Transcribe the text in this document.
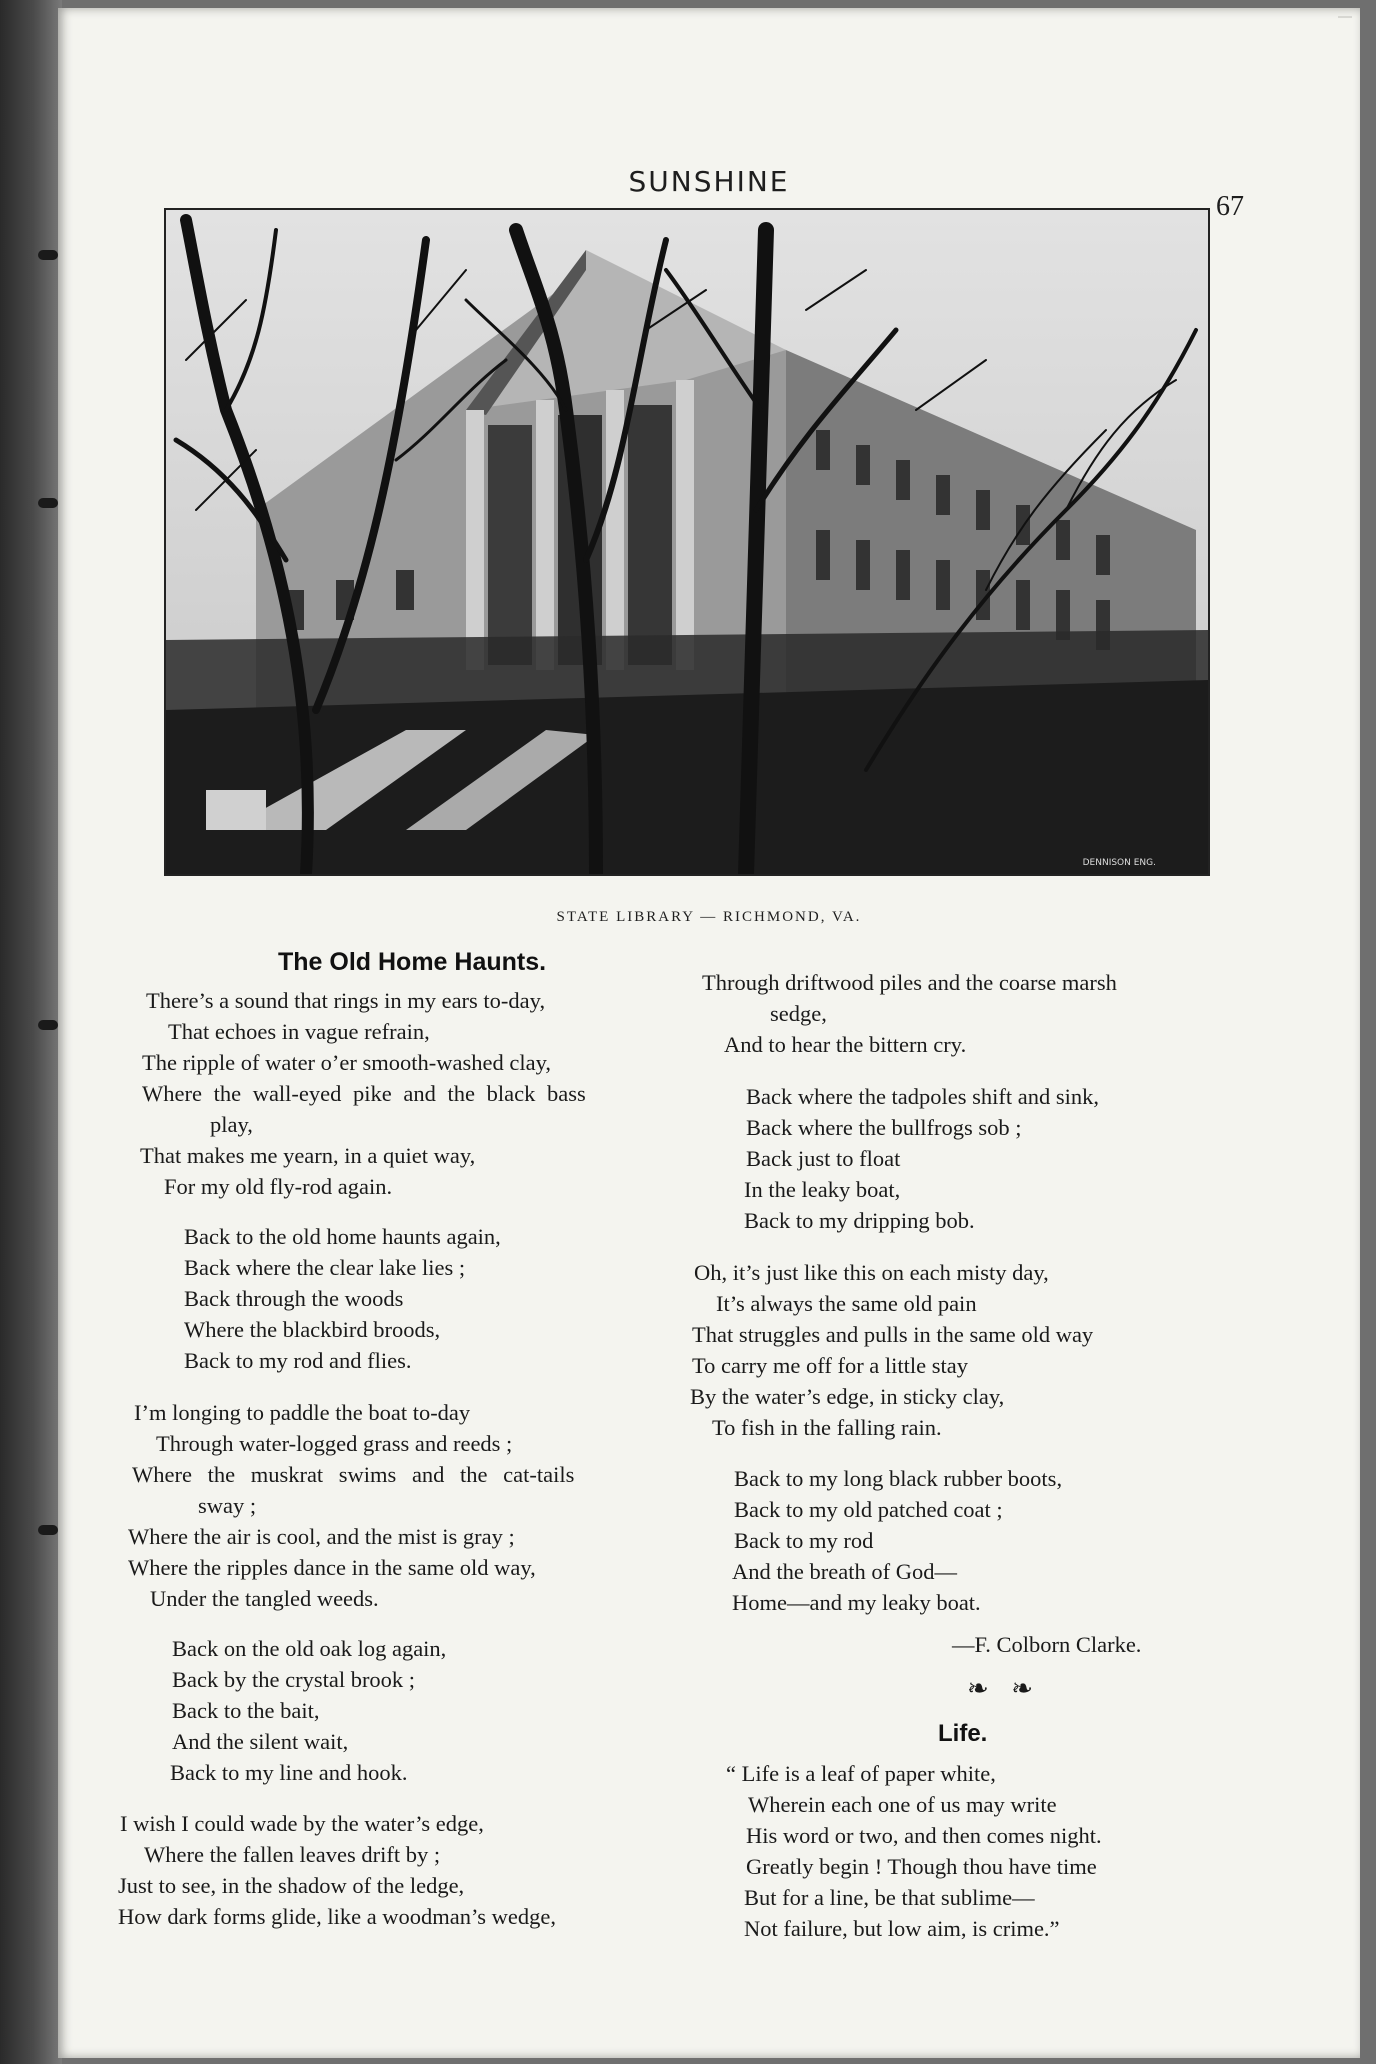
SUNSHINE
67
DENNISON ENG.
STATE LIBRARY — RICHMOND, VA.
The Old Home Haunts.
There’s a sound that rings in my ears to-day,
That echoes in vague refrain,
The ripple of water o’er smooth-washed clay,
Where the wall-eyed pike and the black bass
play,
That makes me yearn, in a quiet way,
For my old fly-rod again.
Back to the old home haunts again,
Back where the clear lake lies ;
Back through the woods
Where the blackbird broods,
Back to my rod and flies.
I’m longing to paddle the boat to-day
Through water-logged grass and reeds ;
Where the muskrat swims and the cat-tails
sway ;
Where the air is cool, and the mist is gray ;
Where the ripples dance in the same old way,
Under the tangled weeds.
Back on the old oak log again,
Back by the crystal brook ;
Back to the bait,
And the silent wait,
Back to my line and hook.
I wish I could wade by the water’s edge,
Where the fallen leaves drift by ;
Just to see, in the shadow of the ledge,
How dark forms glide, like a woodman’s wedge,
Through driftwood piles and the coarse marsh
sedge,
And to hear the bittern cry.
Back where the tadpoles shift and sink,
Back where the bullfrogs sob ;
Back just to float
In the leaky boat,
Back to my dripping bob.
Oh, it’s just like this on each misty day,
It’s always the same old pain
That struggles and pulls in the same old way
To carry me off for a little stay
By the water’s edge, in sticky clay,
To fish in the falling rain.
Back to my long black rubber boots,
Back to my old patched coat ;
Back to my rod
And the breath of God—
Home—and my leaky boat.
—F. Colborn Clarke.
❧ ❧
Life.
“ Life is a leaf of paper white,
Wherein each one of us may write
His word or two, and then comes night.
Greatly begin ! Though thou have time
But for a line, be that sublime—
Not failure, but low aim, is crime.”
